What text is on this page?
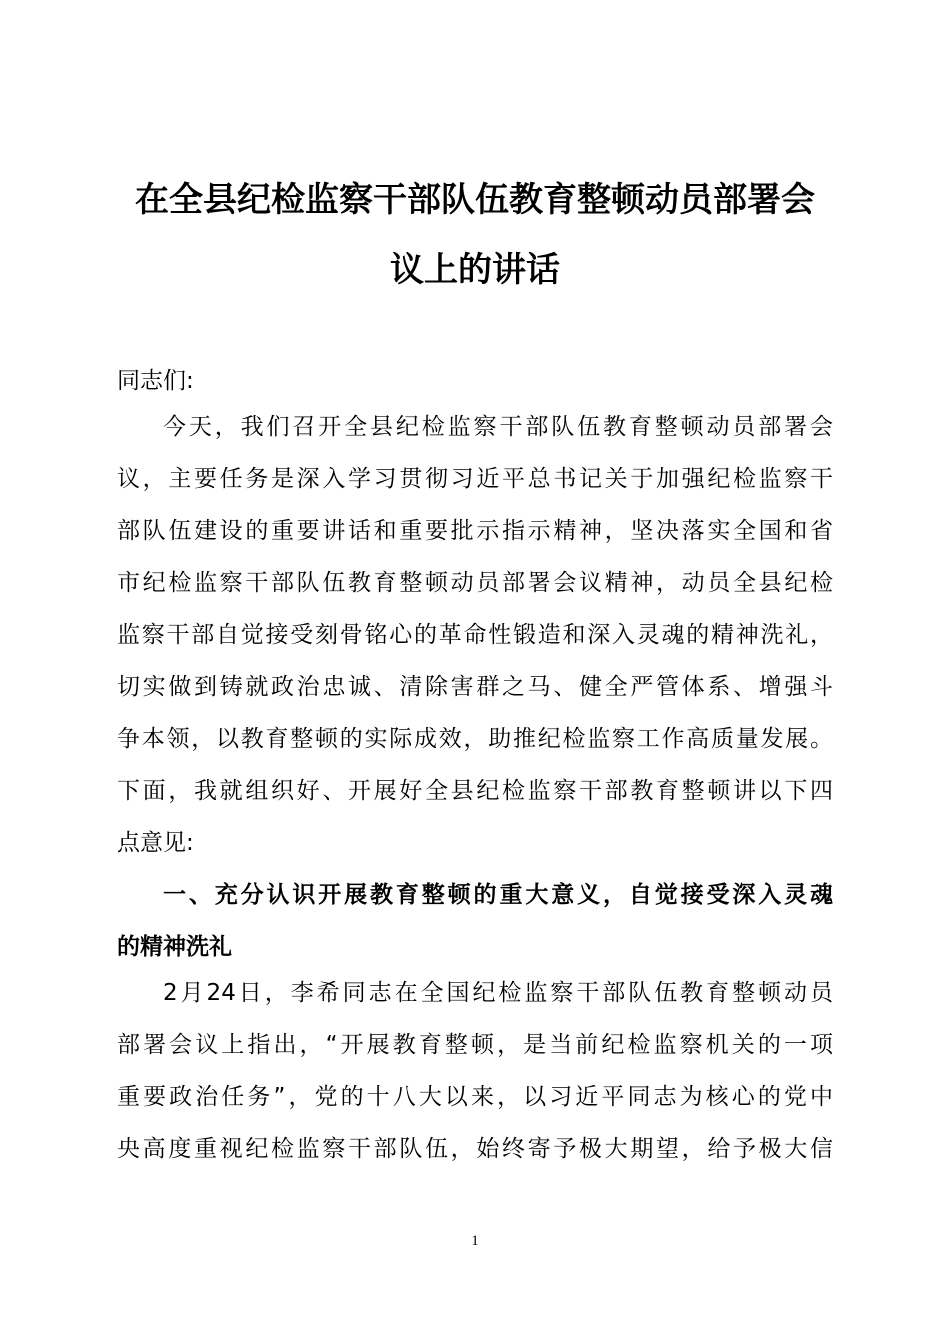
在全县纪检监察干部队伍教育整顿动员部署会
议上的讲话
同志们:
今天，我们召开全县纪检监察干部队伍教育整顿动员部署会
议，主要任务是深入学习贯彻习近平总书记关于加强纪检监察干
部队伍建设的重要讲话和重要批示指示精神，坚决落实全国和省
市纪检监察干部队伍教育整顿动员部署会议精神，动员全县纪检
监察干部自觉接受刻骨铭心的革命性锻造和深入灵魂的精神洗礼，
切实做到铸就政治忠诚、清除害群之马、健全严管体系、增强斗
争本领，以教育整顿的实际成效，助推纪检监察工作高质量发展。
下面，我就组织好、开展好全县纪检监察干部教育整顿讲以下四
点意见:
一、充分认识开展教育整顿的重大意义，自觉接受深入灵魂
的精神洗礼
2月24日，李希同志在全国纪检监察干部队伍教育整顿动员
部署会议上指出，“开展教育整顿，是当前纪检监察机关的一项
重要政治任务”，党的十八大以来，以习近平同志为核心的党中
央高度重视纪检监察干部队伍，始终寄予极大期望，给予极大信
1
